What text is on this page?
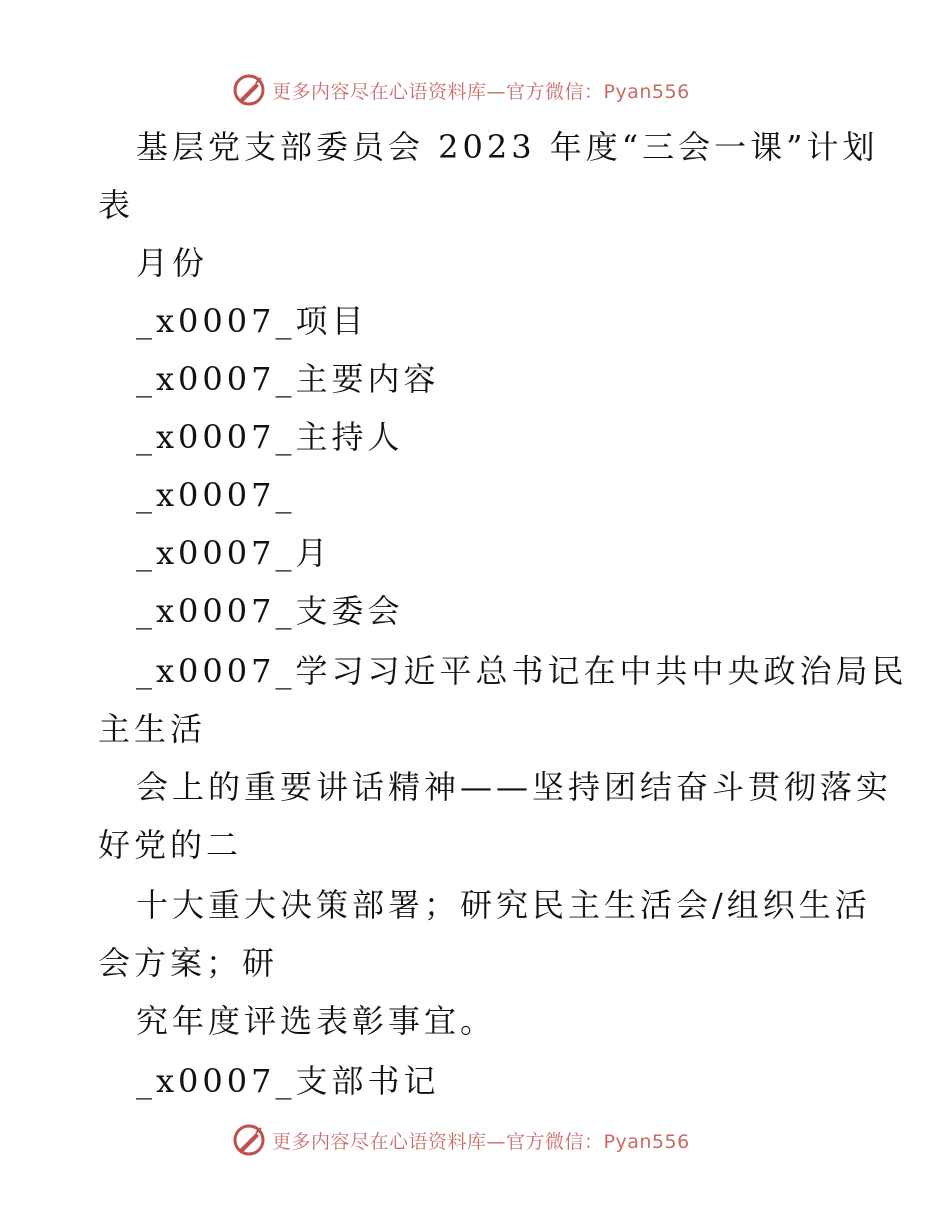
更多内容尽在心语资料库—官方微信：Pyan556
基层党支部委员会 2023 年度“三会一课”计划
表
月份
_x0007_项目
_x0007_主要内容
_x0007_主持人
_x0007_
_x0007_月
_x0007_支委会
_x0007_学习习近平总书记在中共中央政治局民
主生活
会上的重要讲话精神——坚持团结奋斗贯彻落实
好党的二
十大重大决策部署；研究民主生活会/组织生活
会方案；研
究年度评选表彰事宜。
_x0007_支部书记
更多内容尽在心语资料库—官方微信：Pyan556
